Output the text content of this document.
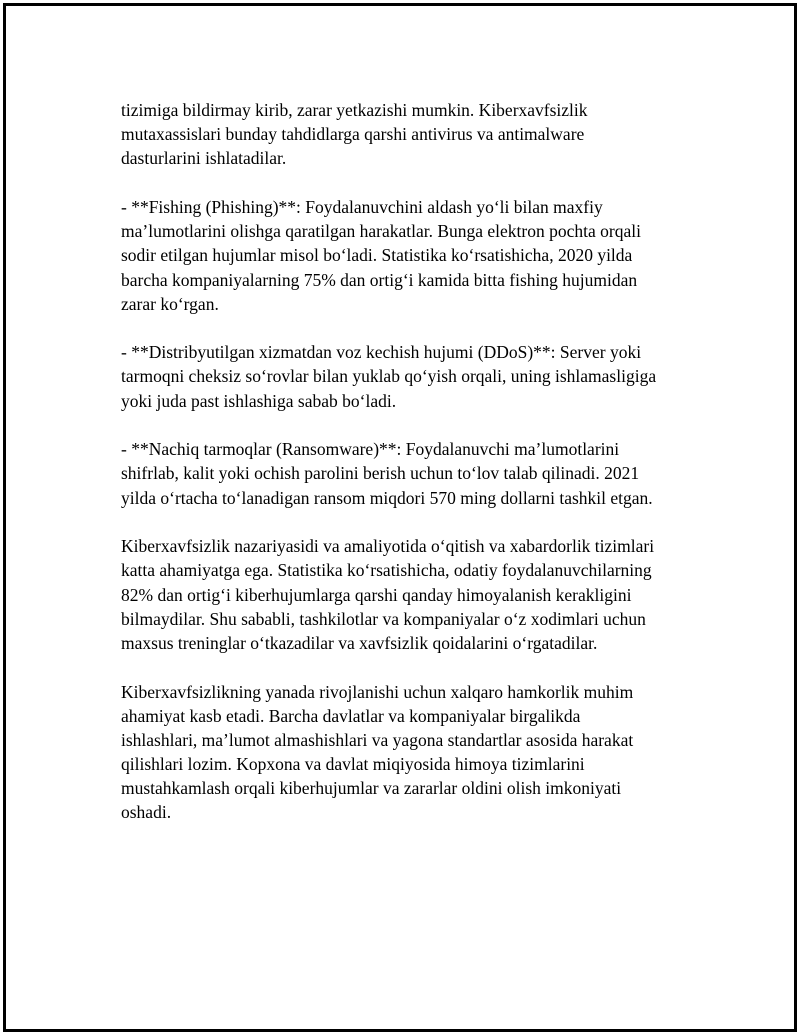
tizimiga bildirmay kirib, zarar yetkazishi mumkin. Kiberxavfsizlik
mutaxassislari bunday tahdidlarga qarshi antivirus va antimalware
dasturlarini ishlatadilar.
- **Fishing (Phishing)**: Foydalanuvchini aldash yoʻli bilan maxfiy
maʼlumotlarini olishga qaratilgan harakatlar. Bunga elektron pochta orqali
sodir etilgan hujumlar misol boʻladi. Statistika koʻrsatishicha, 2020 yilda
barcha kompaniyalarning 75% dan ortigʻi kamida bitta fishing hujumidan
zarar koʻrgan.
- **Distribyutilgan xizmatdan voz kechish hujumi (DDoS)**: Server yoki
tarmoqni cheksiz soʻrovlar bilan yuklab qoʻyish orqali, uning ishlamasligiga
yoki juda past ishlashiga sabab boʻladi.
- **Nachiq tarmoqlar (Ransomware)**: Foydalanuvchi maʼlumotlarini
shifrlab, kalit yoki ochish parolini berish uchun toʻlov talab qilinadi. 2021
yilda oʻrtacha toʻlanadigan ransom miqdori 570 ming dollarni tashkil etgan.
Kiberxavfsizlik nazariyasidi va amaliyotida oʻqitish va xabardorlik tizimlari
katta ahamiyatga ega. Statistika koʻrsatishicha, odatiy foydalanuvchilarning
82% dan ortigʻi kiberhujumlarga qarshi qanday himoyalanish kerakligini
bilmaydilar. Shu sababli, tashkilotlar va kompaniyalar oʻz xodimlari uchun
maxsus treninglar oʻtkazadilar va xavfsizlik qoidalarini oʻrgatadilar.
Kiberxavfsizlikning yanada rivojlanishi uchun xalqaro hamkorlik muhim
ahamiyat kasb etadi. Barcha davlatlar va kompaniyalar birgalikda
ishlashlari, maʼlumot almashishlari va yagona standartlar asosida harakat
qilishlari lozim. Kopxona va davlat miqiyosida himoya tizimlarini
mustahkamlash orqali kiberhujumlar va zararlar oldini olish imkoniyati
oshadi.
